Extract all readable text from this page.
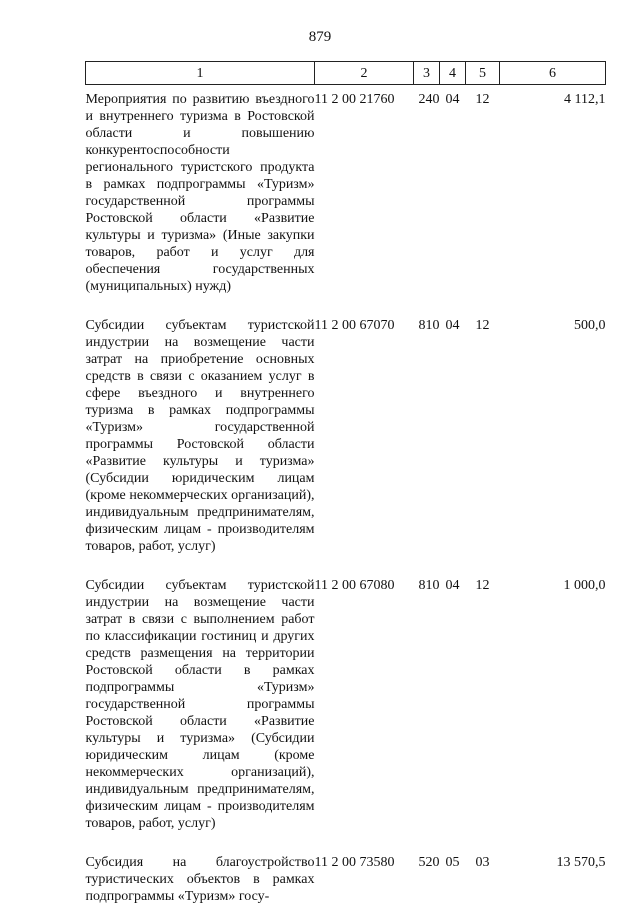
879
1	2	3	4	5	6
Мероприятия по развитию въездного и внутреннего туризма в Ростовской области и повышению конкурентоспособности регионального туристского продукта в рамках подпрограммы «Туризм» государственной программы Ростовской области «Развитие культуры и туризма» (Иные закупки товаров, работ и услуг для обеспечения государственных (муниципальных) нужд)	11 2 00 21760	240	04	12	4 112,1
Субсидии субъектам туристской индустрии на возмещение части затрат на приобретение основных средств в связи с оказанием услуг в сфере въездного и внутреннего туризма в рамках подпрограммы «Туризм» государственной программы Ростовской области «Развитие культуры и туризма» (Субсидии юридическим лицам (кроме некоммерческих организаций), индивидуальным предпринимателям, физическим лицам - производителям товаров, работ, услуг)	11 2 00 67070	810	04	12	500,0
Субсидии субъектам туристской индустрии на возмещение части затрат в связи с выполнением работ по классификации гостиниц и других средств размещения на территории Ростовской области в рамках подпрограммы «Туризм» государственной программы Ростовской области «Развитие культуры и туризма» (Субсидии юридическим лицам (кроме некоммерческих организаций), индивидуальным предпринимателям, физическим лицам - производителям товаров, работ, услуг)	11 2 00 67080	810	04	12	1 000,0
Субсидия на благоустройство туристических объектов в рамках подпрограммы «Туризм» госу-	11 2 00 73580	520	05	03	13 570,5
